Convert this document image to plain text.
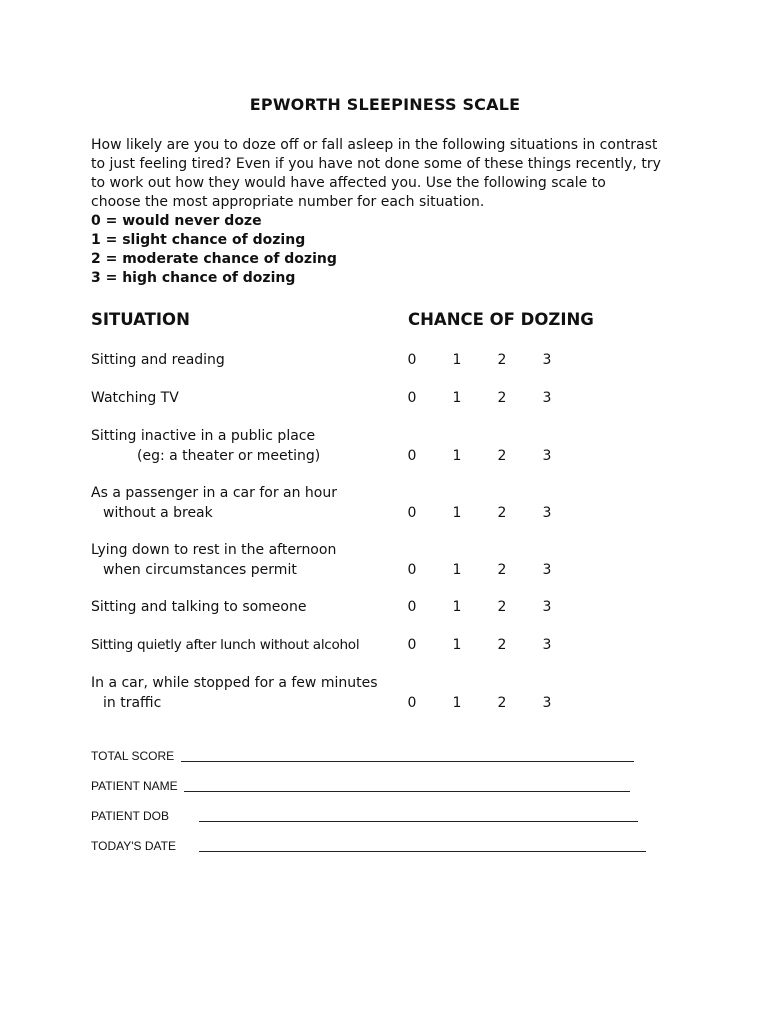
EPWORTH SLEEPINESS SCALE

How likely are you to doze off or fall asleep in the following situations in contrast

to just feeling tired? Even if you have not done some of these things recently, try

to work out how they would have affected you. Use the following scale to

choose the most appropriate number for each situation.

0 = would never doze

1 = slight chance of dozing

2 = moderate chance of dozing

3 = high chance of dozing

SITUATION	CHANCE OF DOZING
Sitting and reading	0	1	2	3
Watching TV	0	1	2	3
Sitting inactive in a public place
(eg: a theater or meeting)	0	1	2	3
As a passenger in a car for an hour
without a break	0	1	2	3
Lying down to rest in the afternoon
when circumstances permit	0	1	2	3
Sitting and talking to someone	0	1	2	3
Sitting quietly after lunch without alcohol	0	1	2	3
In a car, while stopped for a few minutes
in traffic	0	1	2	3
TOTAL SCORE
PATIENT NAME
PATIENT DOB
TODAY'S DATE
